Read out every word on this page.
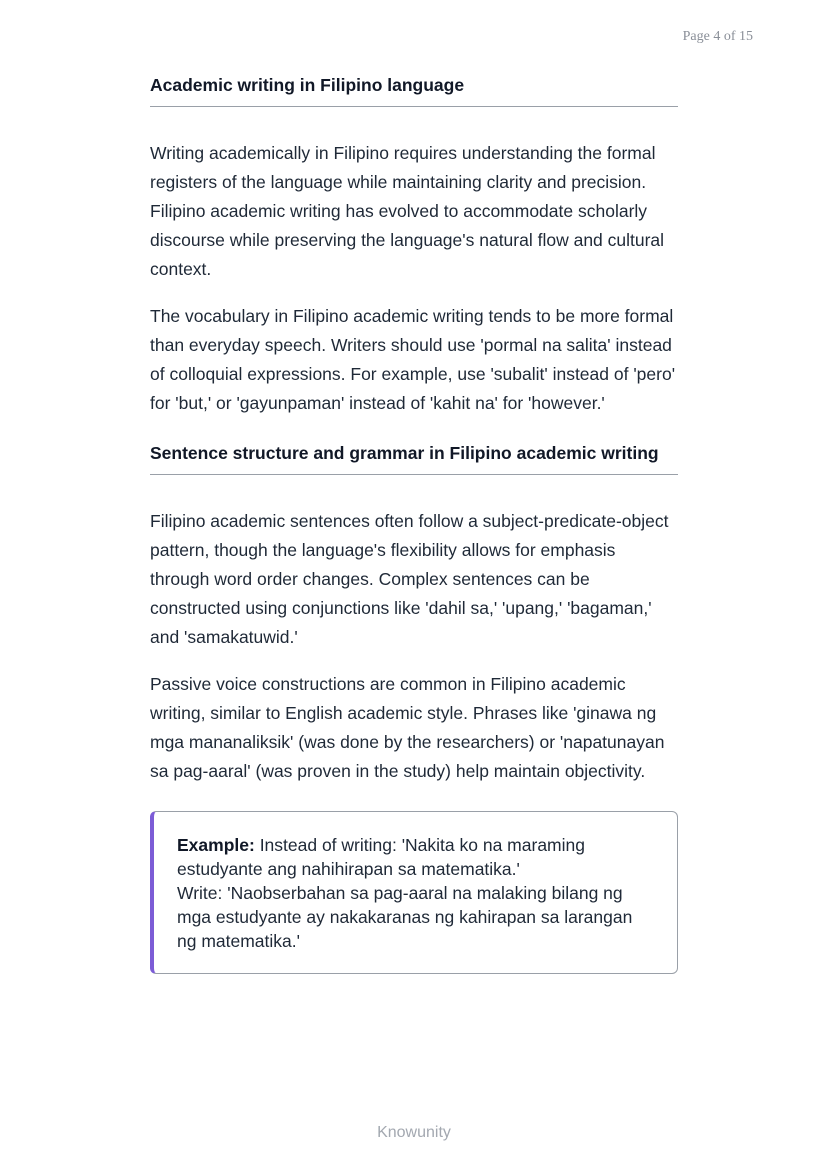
Page 4 of 15
Academic writing in Filipino language

Writing academically in Filipino requires understanding the formal registers of the language while maintaining clarity and precision. Filipino academic writing has evolved to accommodate scholarly discourse while preserving the language's natural flow and cultural context.

The vocabulary in Filipino academic writing tends to be more formal than everyday speech. Writers should use 'pormal na salita' instead of colloquial expressions. For example, use 'subalit' instead of 'pero' for 'but,' or 'gayunpaman' instead of 'kahit na' for 'however.'

Sentence structure and grammar in Filipino academic writing

Filipino academic sentences often follow a subject-predicate-object pattern, though the language's flexibility allows for emphasis through word order changes. Complex sentences can be constructed using conjunctions like 'dahil sa,' 'upang,' 'bagaman,' and 'samakatuwid.'

Passive voice constructions are common in Filipino academic writing, similar to English academic style. Phrases like 'ginawa ng mga mananaliksik' (was done by the researchers) or 'napatunayan sa pag-aaral' (was proven in the study) help maintain objectivity.

Example: Instead of writing: 'Nakita ko na maraming estudyante ang nahihirapan sa matematika.'
Write: 'Naobserbahan sa pag-aaral na malaking bilang ng mga estudyante ay nakakaranas ng kahirapan sa larangan ng matematika.'
Knowunity
